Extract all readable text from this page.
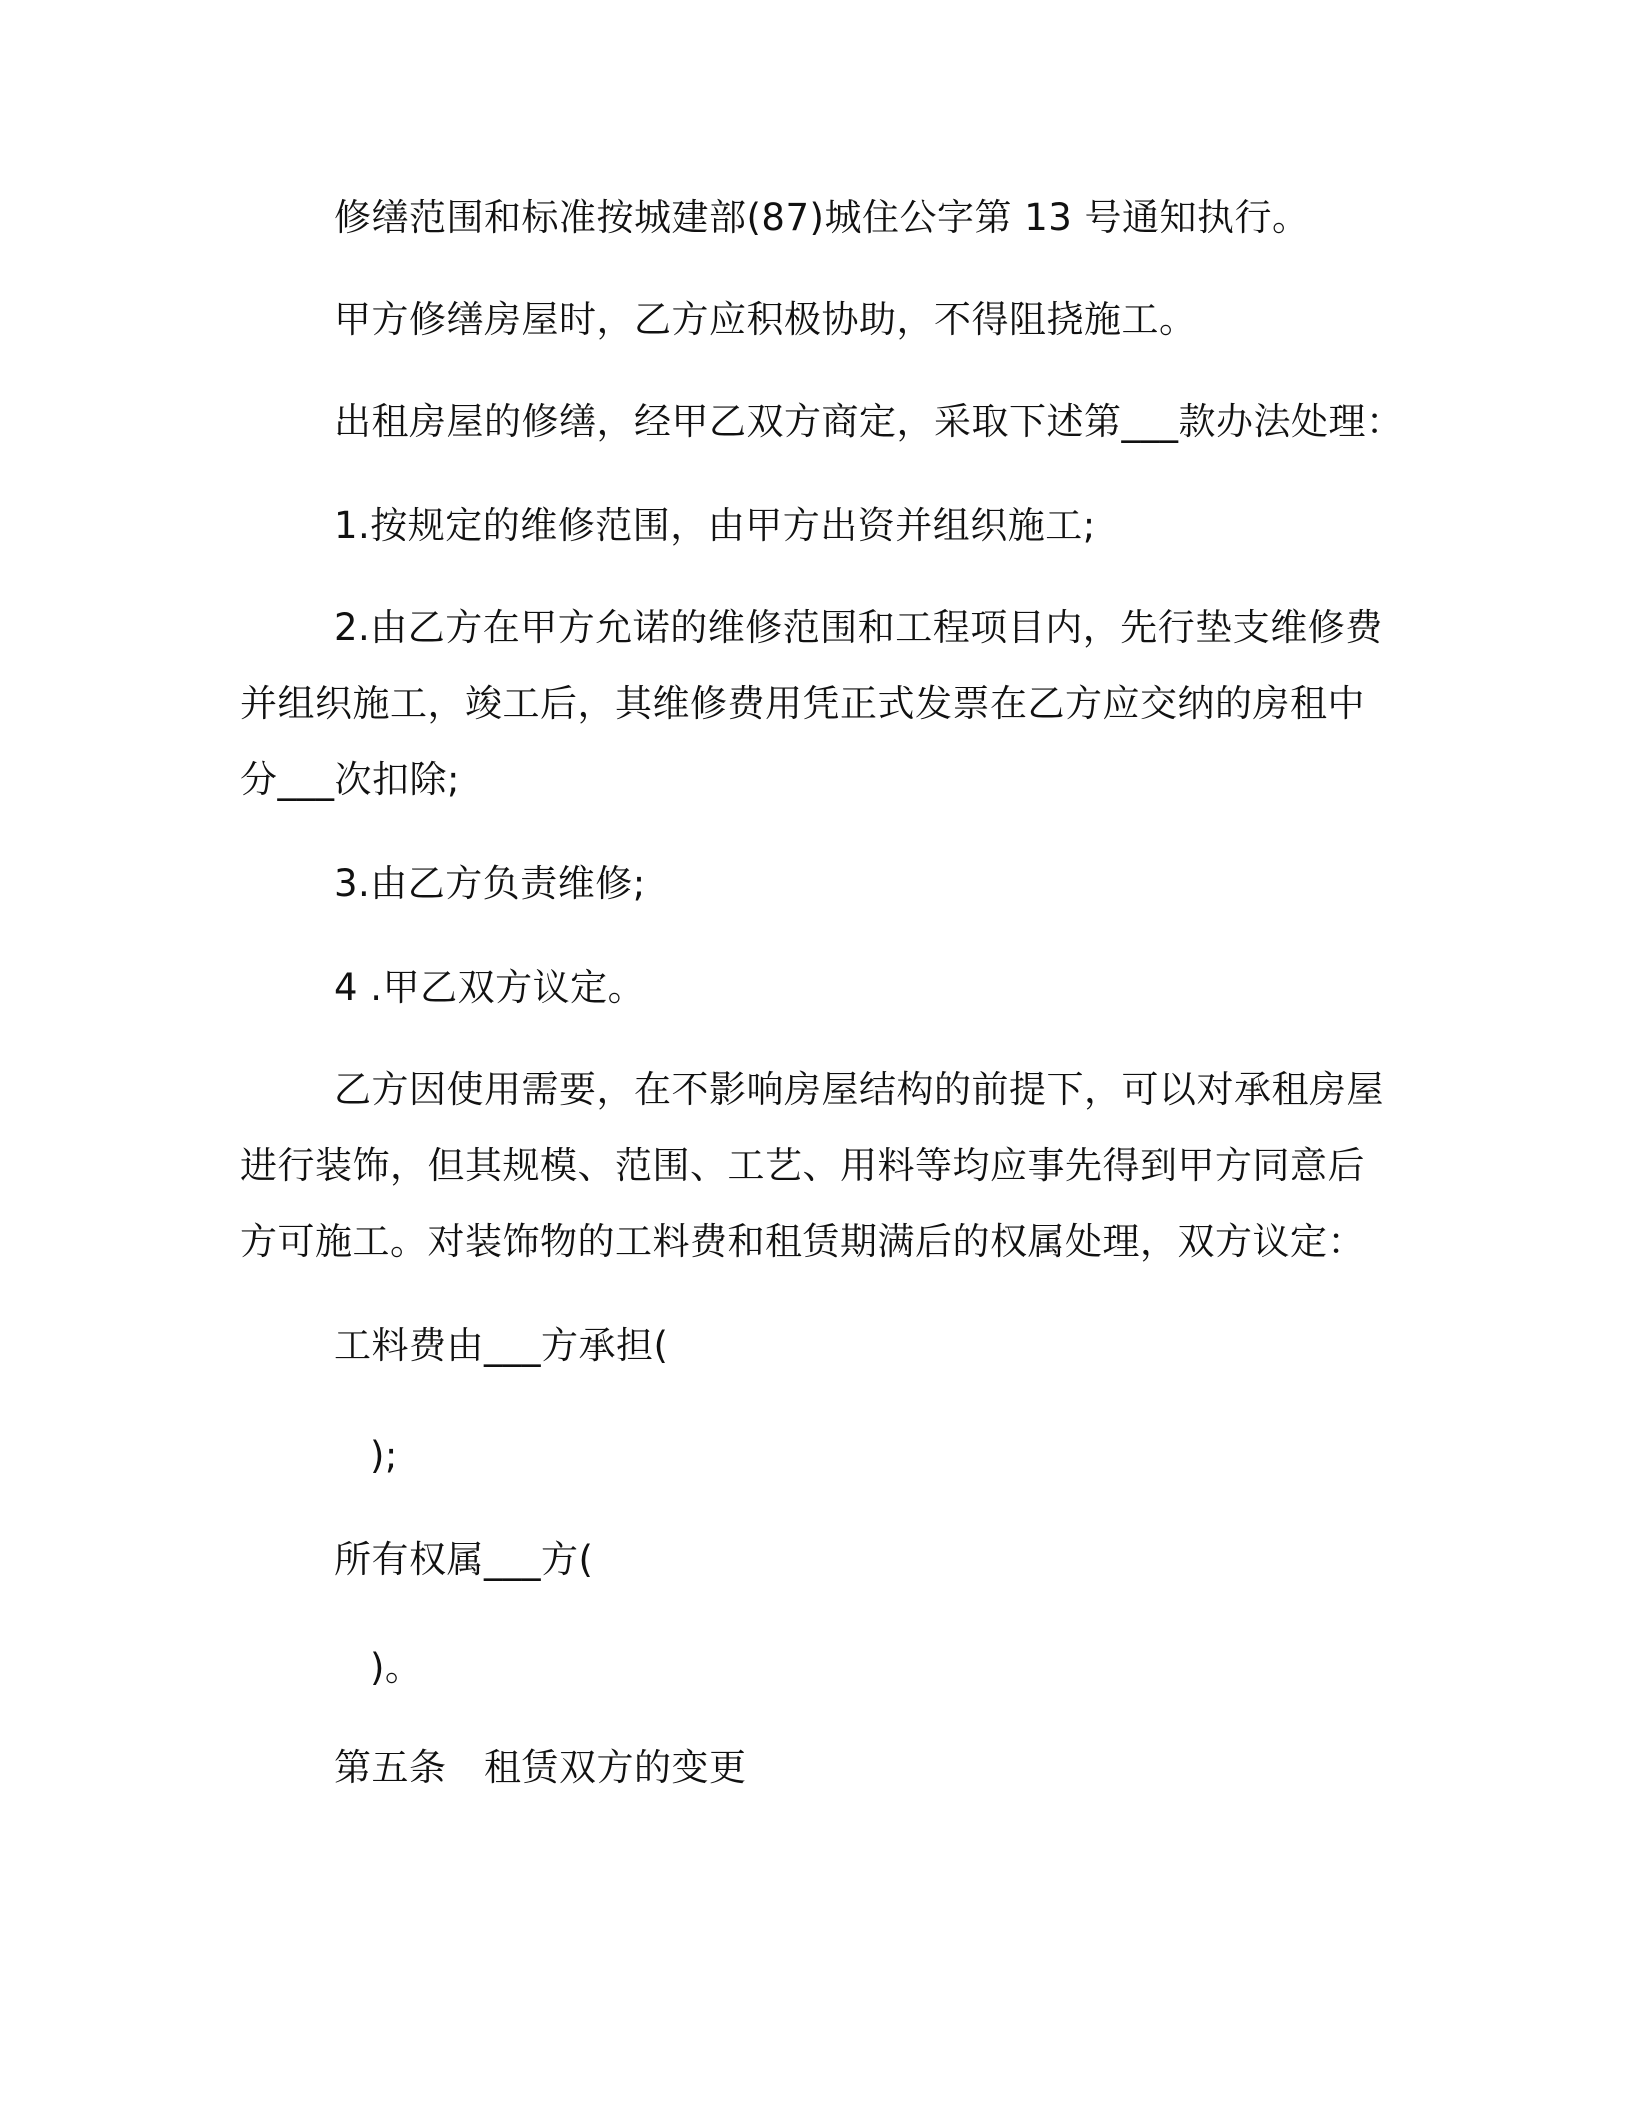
修缮范围和标准按城建部(87)城住公字第 13 号通知执行。
甲方修缮房屋时，乙方应积极协助，不得阻挠施工。
出租房屋的修缮，经甲乙双方商定，采取下述第___款办法处理：
1.按规定的维修范围，由甲方出资并组织施工;
2.由乙方在甲方允诺的维修范围和工程项目内，先行垫支维修费
并组织施工，竣工后，其维修费用凭正式发票在乙方应交纳的房租中
分___次扣除;
3.由乙方负责维修;
4 .甲乙双方议定。
乙方因使用需要，在不影响房屋结构的前提下，可以对承租房屋
进行装饰，但其规模、范围、工艺、用料等均应事先得到甲方同意后
方可施工。对装饰物的工料费和租赁期满后的权属处理，双方议定：
工料费由___方承担(
);
所有权属___方(
)。
第五条　租赁双方的变更
